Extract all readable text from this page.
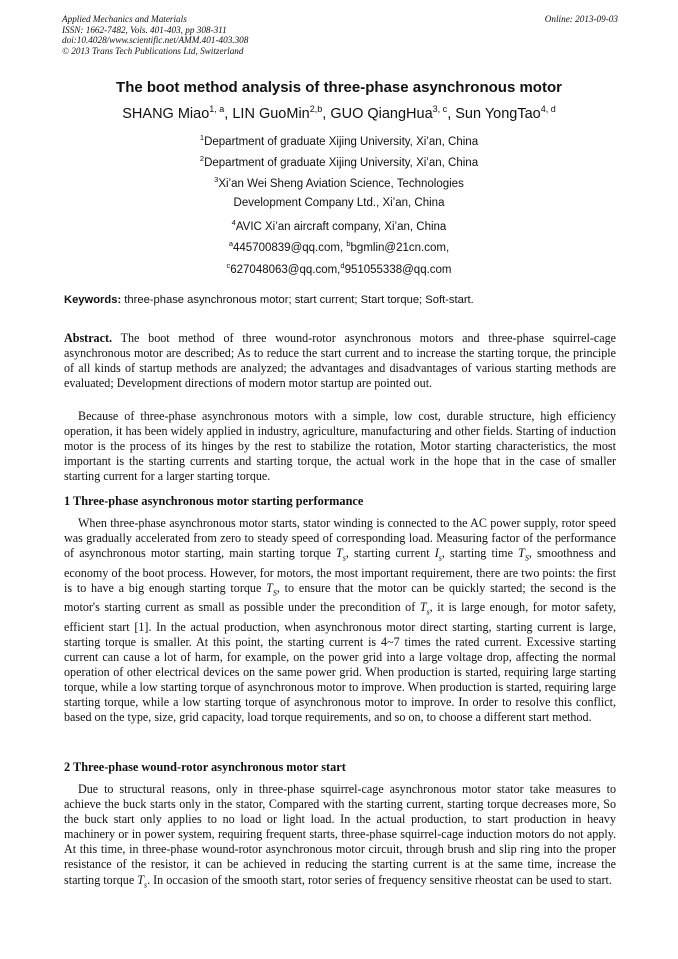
Applied Mechanics and Materials
ISSN: 1662-7482, Vols. 401-403, pp 308-311
doi:10.4028/www.scientific.net/AMM.401-403.308
© 2013 Trans Tech Publications Ltd, Switzerland
Online: 2013-09-03
The boot method analysis of three-phase asynchronous motor
SHANG Miao$^{1, a}$, LIN GuoMin$^{2,b}$, GUO QiangHua$^{3, c}$, Sun YongTao$^{4, d}$
$^1$Department of graduate Xijing University, Xi’an, China
$^2$Department of graduate Xijing University, Xi’an, China
$^3$Xi’an Wei Sheng Aviation Science, Technologies
Development Company Ltd., Xi’an, China
$^4$AVIC Xi’an aircraft company, Xi’an, China
$^a$445700839@qq.com, $^b$bgmlin@21cn.com,
$^c$627048063@qq.com,$^d$951055338@qq.com
Keywords: three-phase asynchronous motor; start current; Start torque; Soft-start.

Abstract. The boot method of three wound-rotor asynchronous motors and three-phase squirrel-cage asynchronous motor are described; As to reduce the start current and to increase the starting torque, the principle of all kinds of startup methods are analyzed; the advantages and disadvantages of various starting methods are evaluated; Development directions of modern motor startup are pointed out.

Because of three-phase asynchronous motors with a simple, low cost, durable structure, high efficiency operation, it has been widely applied in industry, agriculture, manufacturing and other fields. Starting of induction motor is the process of its hinges by the rest to stabilize the rotation, Motor starting characteristics, the most important is the starting currents and starting torque, the actual work in the hope that in the case of smaller starting current for a larger starting torque.

1 Three-phase asynchronous motor starting performance

When three-phase asynchronous motor starts, stator winding is connected to the AC power supply, rotor speed was gradually accelerated from zero to steady speed of corresponding load. Measuring factor of the performance of asynchronous motor starting, main starting torque $T_s$, starting current $I_s$, starting time $T_S$, smoothness and economy of the boot process. However, for motors, the most important requirement, there are two points: the first is to have a big enough starting torque $T_S$, to ensure that the motor can be quickly started; the second is the motor's starting current as small as possible under the precondition of $T_s$, it is large enough, for motor safety, efficient start [1]. In the actual production, when asynchronous motor direct starting, starting current is large, starting torque is smaller. At this point, the starting current is 4~7 times the rated current. Excessive starting current can cause a lot of harm, for example, on the power grid into a large voltage drop, affecting the normal operation of other electrical devices on the same power grid. When production is started, requiring large starting torque, while a low starting torque of asynchronous motor to improve. When production is started, requiring large starting torque, while a low starting torque of asynchronous motor to improve. In order to resolve this conflict, based on the type, size, grid capacity, load torque requirements, and so on, to choose a different start method.

2 Three-phase wound-rotor asynchronous motor start

Due to structural reasons, only in three-phase squirrel-cage asynchronous motor stator take measures to achieve the buck starts only in the stator, Compared with the starting current, starting torque decreases more, So the buck start only applies to no load or light load. In the actual production, to start production in heavy machinery or in power system, requiring frequent starts, three-phase squirrel-cage induction motors do not apply. At this time, in three-phase wound-rotor asynchronous motor circuit, through brush and slip ring into the proper resistance of the resistor, it can be achieved in reducing the starting current is at the same time, increase the starting torque $T_s$. In occasion of the smooth start, rotor series of frequency sensitive rheostat can be used to start.
